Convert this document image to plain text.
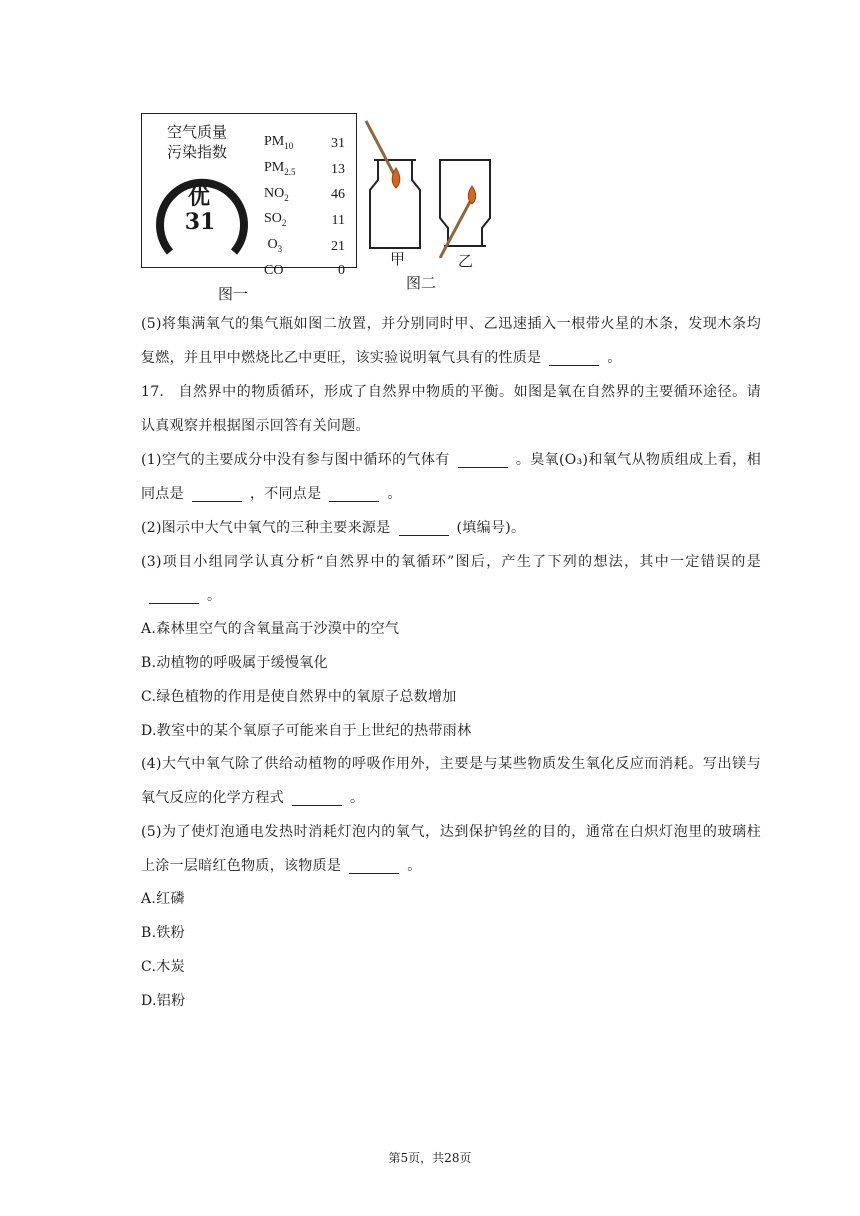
空气质量
污染指数
优
31
$PM_{10}$	31
$PM_{2.5}$	13
$NO_2$	46
$SO_2$	11
$O_3$	21
CO	0
图一
甲	乙
图二

(5)将集满氧气的集气瓶如图二放置，并分别同时甲、乙迅速插入一根带火星的木条，发现木条均复燃，并且甲中燃烧比乙中更旺，该实验说明氧气具有的性质是	。

17. 自然界中的物质循环，形成了自然界中物质的平衡。如图是氧在自然界的主要循环途径。请认真观察并根据图示回答有关问题。

(1)空气的主要成分中没有参与图中循环的气体有	。臭氧(O₃)和氧气从物质组成上看，相同点是	，不同点是	。

(2)图示中大气中氧气的三种主要来源是	(填编号)。

(3)项目小组同学认真分析“自然界中的氧循环”图后，产生了下列的想法，其中一定错误的是。

A.森林里空气的含氧量高于沙漠中的空气
B.动植物的呼吸属于缓慢氧化
C.绿色植物的作用是使自然界中的氧原子总数增加
D.教室中的某个氧原子可能来自于上世纪的热带雨林

(4)大气中氧气除了供给动植物的呼吸作用外，主要是与某些物质发生氧化反应而消耗。写出镁与氧气反应的化学方程式	。

(5)为了使灯泡通电发热时消耗灯泡内的氧气，达到保护钨丝的目的，通常在白炽灯泡里的玻璃柱上涂一层暗红色物质，该物质是	。

A.红磷
B.铁粉
C.木炭
D.铝粉
第5页，共28页
